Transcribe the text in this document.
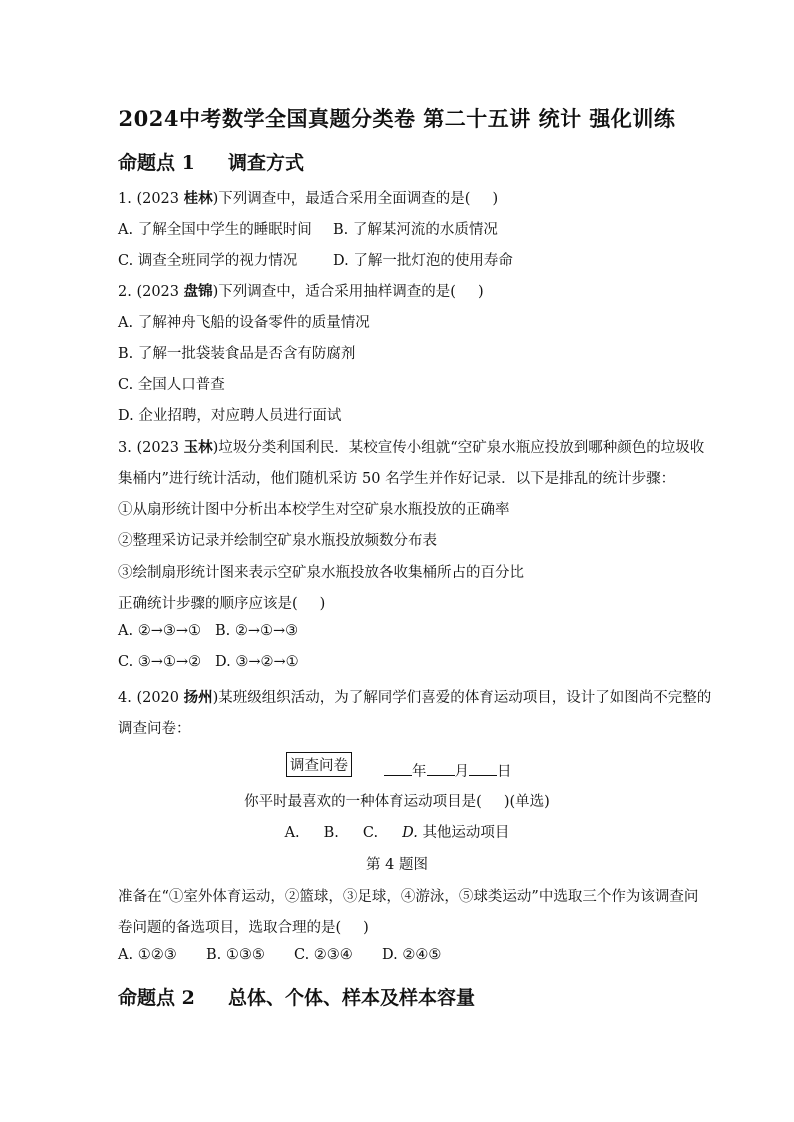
2024中考数学全国真题分类卷 第二十五讲 统计 强化训练
命题点 1 调查方式
1. (2023 桂林)下列调查中，最适合采用全面调查的是( )
A. 了解全国中学生的睡眠时间 B. 了解某河流的水质情况
C. 调查全班同学的视力情况 D. 了解一批灯泡的使用寿命
2. (2023 盘锦)下列调查中，适合采用抽样调查的是( )
A. 了解神舟飞船的设备零件的质量情况
B. 了解一批袋装食品是否含有防腐剂
C. 全国人口普查
D. 企业招聘，对应聘人员进行面试
3. (2023 玉林)垃圾分类利国利民．某校宣传小组就“空矿泉水瓶应投放到哪种颜色的垃圾收
集桶内”进行统计活动，他们随机采访 50 名学生并作好记录．以下是排乱的统计步骤：
①从扇形统计图中分析出本校学生对空矿泉水瓶投放的正确率
②整理采访记录并绘制空矿泉水瓶投放频数分布表
③绘制扇形统计图来表示空矿泉水瓶投放各收集桶所占的百分比
正确统计步骤的顺序应该是( )
A. ②→③→① B. ②→①→③
C. ③→①→② D. ③→②→①
4. (2020 扬州)某班级组织活动，为了解同学们喜爱的体育运动项目，设计了如图尚不完整的
调查问卷：
调查问卷	年 月 日
你平时最喜欢的一种体育运动项目是( )(单选)
A. B. C. D. 其他运动项目
第 4 题图
准备在“①室外体育运动，②篮球，③足球，④游泳，⑤球类运动”中选取三个作为该调查问
卷问题的备选项目，选取合理的是( )
A. ①②③ B. ①③⑤ C. ②③④ D. ②④⑤
命题点 2 总体、个体、样本及样本容量
